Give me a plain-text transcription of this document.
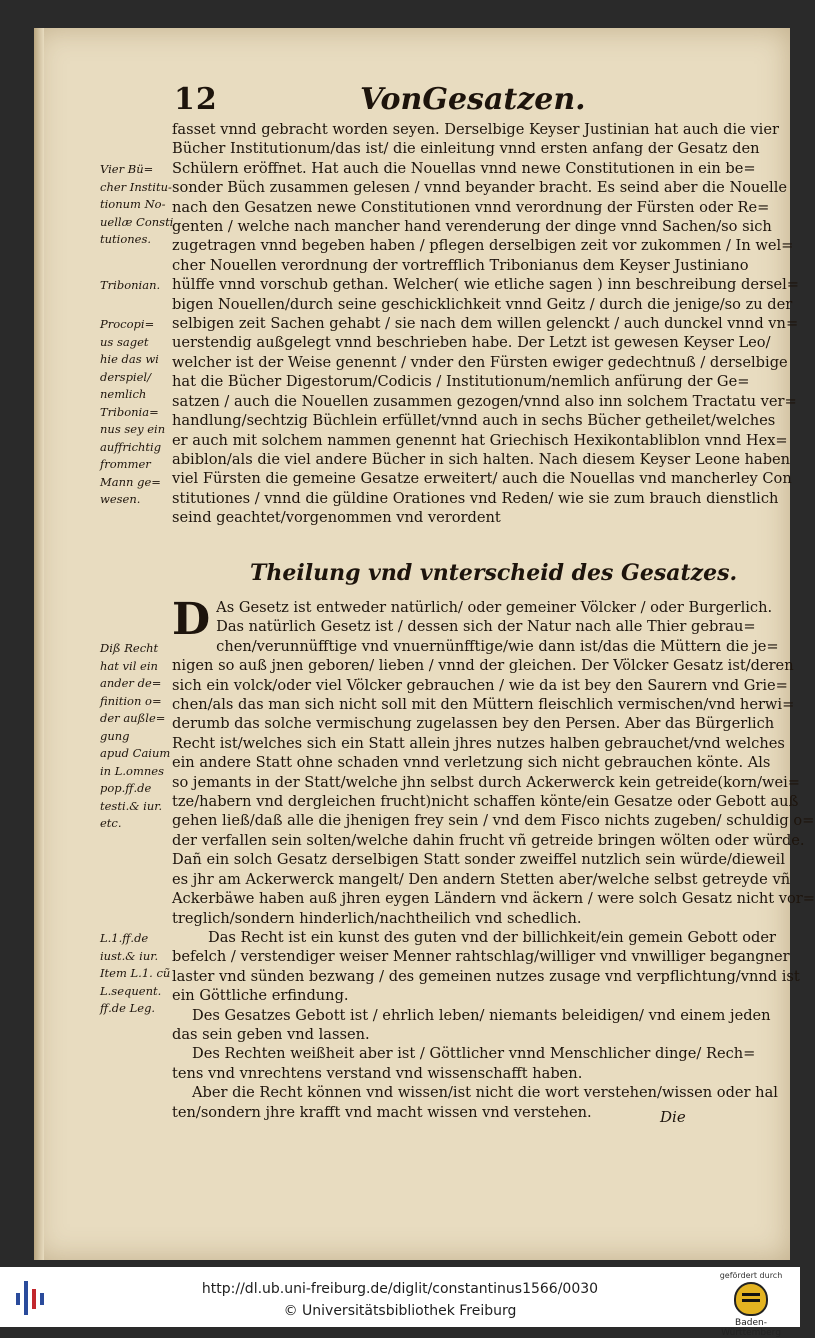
12	VonGesatzen.
Vier Bü=
cher Institu-
tionum No-
uellæ Consti
tutiones.
Tribonian.
Procopi=
us saget
hie das wi
derspiel/
nemlich
Tribonia=
nus sey ein
auffrichtig
frommer
Mann ge=
wesen.
Diß Recht
hat vil ein
ander de=
finition o=
der außle=
gung
apud Caium
in L.omnes
pop.ff.de
testi.& iur.
etc.
L.1.ff.de
iust.& iur.
Item L.1. cũ
L.sequent.
ff.de Leg.
fasset vnnd gebracht worden seyen. Derselbige Keyser Justinian hat auch die vier
Bücher Institutionum/das ist/ die einleitung vnnd ersten anfang der Gesatz den
Schülern eröffnet. Hat auch die Nouellas vnnd newe Constitutionen in ein be=
sonder Büch zusammen gelesen / vnnd beyander bracht. Es seind aber die Nouelle
nach den Gesatzen newe Constitutionen vnnd verordnung der Fürsten oder Re=
genten / welche nach mancher hand verenderung der dinge vnnd Sachen/so sich
zugetragen vnnd begeben haben / pflegen derselbigen zeit vor zukommen / In wel=
cher Nouellen verordnung der vortrefflich Tribonianus dem Keyser Justiniano
hülffe vnnd vorschub gethan. Welcher( wie etliche sagen ) inn beschreibung dersel=
bigen Nouellen/durch seine geschicklichkeit vnnd Geitz / durch die jenige/so zu der
selbigen zeit Sachen gehabt / sie nach dem willen gelenckt / auch dunckel vnnd vn=
uerstendig außgelegt vnnd beschrieben habe. Der Letzt ist gewesen Keyser Leo/
welcher ist der Weise genennt / vnder den Fürsten ewiger gedechtnuß / derselbige
hat die Bücher Digestorum/Codicis / Institutionum/nemlich anfürung der Ge=
satzen / auch die Nouellen zusammen gezogen/vnnd also inn solchem Tractatu ver=
handlung/sechtzig Büchlein erfüllet/vnnd auch in sechs Bücher getheilet/welches
er auch mit solchem nammen genennt hat Griechisch Hexikontabliblon vnnd Hex=
abiblon/als die viel andere Bücher in sich halten. Nach diesem Keyser Leone haben
viel Fürsten die gemeine Gesatze erweitert/ auch die Nouellas vnd mancherley Con
stitutiones / vnnd die güldine Orationes vnd Reden/ wie sie zum brauch dienstlich
seind geachtet/vorgenommen vnd verordent
Theilung vnd vnterscheid des Gesatzes.
D As Gesetz ist entweder natürlich/ oder gemeiner Völcker / oder Burgerlich.
Das natürlich Gesetz ist / dessen sich der Natur nach alle Thier gebrau=
chen/verunnüfftige vnd vnuernünfftige/wie dann ist/das die Müttern die je=
nigen so auß jnen geboren/ lieben / vnnd der gleichen. Der Völcker Gesatz ist/deren
sich ein volck/oder viel Völcker gebrauchen / wie da ist bey den Saurern vnd Grie=
chen/als das man sich nicht soll mit den Müttern fleischlich vermischen/vnd herwi=
derumb das solche vermischung zugelassen bey den Persen. Aber das Bürgerlich
Recht ist/welches sich ein Statt allein jhres nutzes halben gebrauchet/vnd welches
ein andere Statt ohne schaden vnnd verletzung sich nicht gebrauchen könte. Als
so jemants in der Statt/welche jhn selbst durch Ackerwerck kein getreide(korn/wei=
tze/habern vnd dergleichen frucht)nicht schaffen könte/ein Gesatze oder Gebott auß
gehen ließ/daß alle die jhenigen frey sein / vnd dem Fisco nichts zugeben/ schuldig o=
der verfallen sein solten/welche dahin frucht vñ getreide bringen wölten oder würde.
Dañ ein solch Gesatz derselbigen Statt sonder zweiffel nutzlich sein würde/dieweil
es jhr am Ackerwerck mangelt/ Den andern Stetten aber/welche selbst getreyde vñ
Ackerbäwe haben auß jhren eygen Ländern vnd äckern / were solch Gesatz nicht vor=
treglich/sondern hinderlich/nachtheilich vnd schedlich.
Das Recht ist ein kunst des guten vnd der billichkeit/ein gemein Gebott oder
befelch / verstendiger weiser Menner rahtschlag/williger vnd vnwilliger begangner
laster vnd sünden bezwang / des gemeinen nutzes zusage vnd verpflichtung/vnnd ist
ein Göttliche erfindung.
Des Gesatzes Gebott ist / ehrlich leben/ niemants beleidigen/ vnd einem jeden
das sein geben vnd lassen.
Des Rechten weißheit aber ist / Göttlicher vnnd Menschlicher dinge/ Rech=
tens vnd vnrechtens verstand vnd wissenschafft haben.
Aber die Recht können vnd wissen/ist nicht die wort verstehen/wissen oder hal
ten/sondern jhre krafft vnd macht wissen vnd verstehen.	Die
http://dl.ub.uni-freiburg.de/diglit/constantinus1566/0030
© Universitätsbibliothek Freiburg
gefördert durch
Baden-Württemberg
